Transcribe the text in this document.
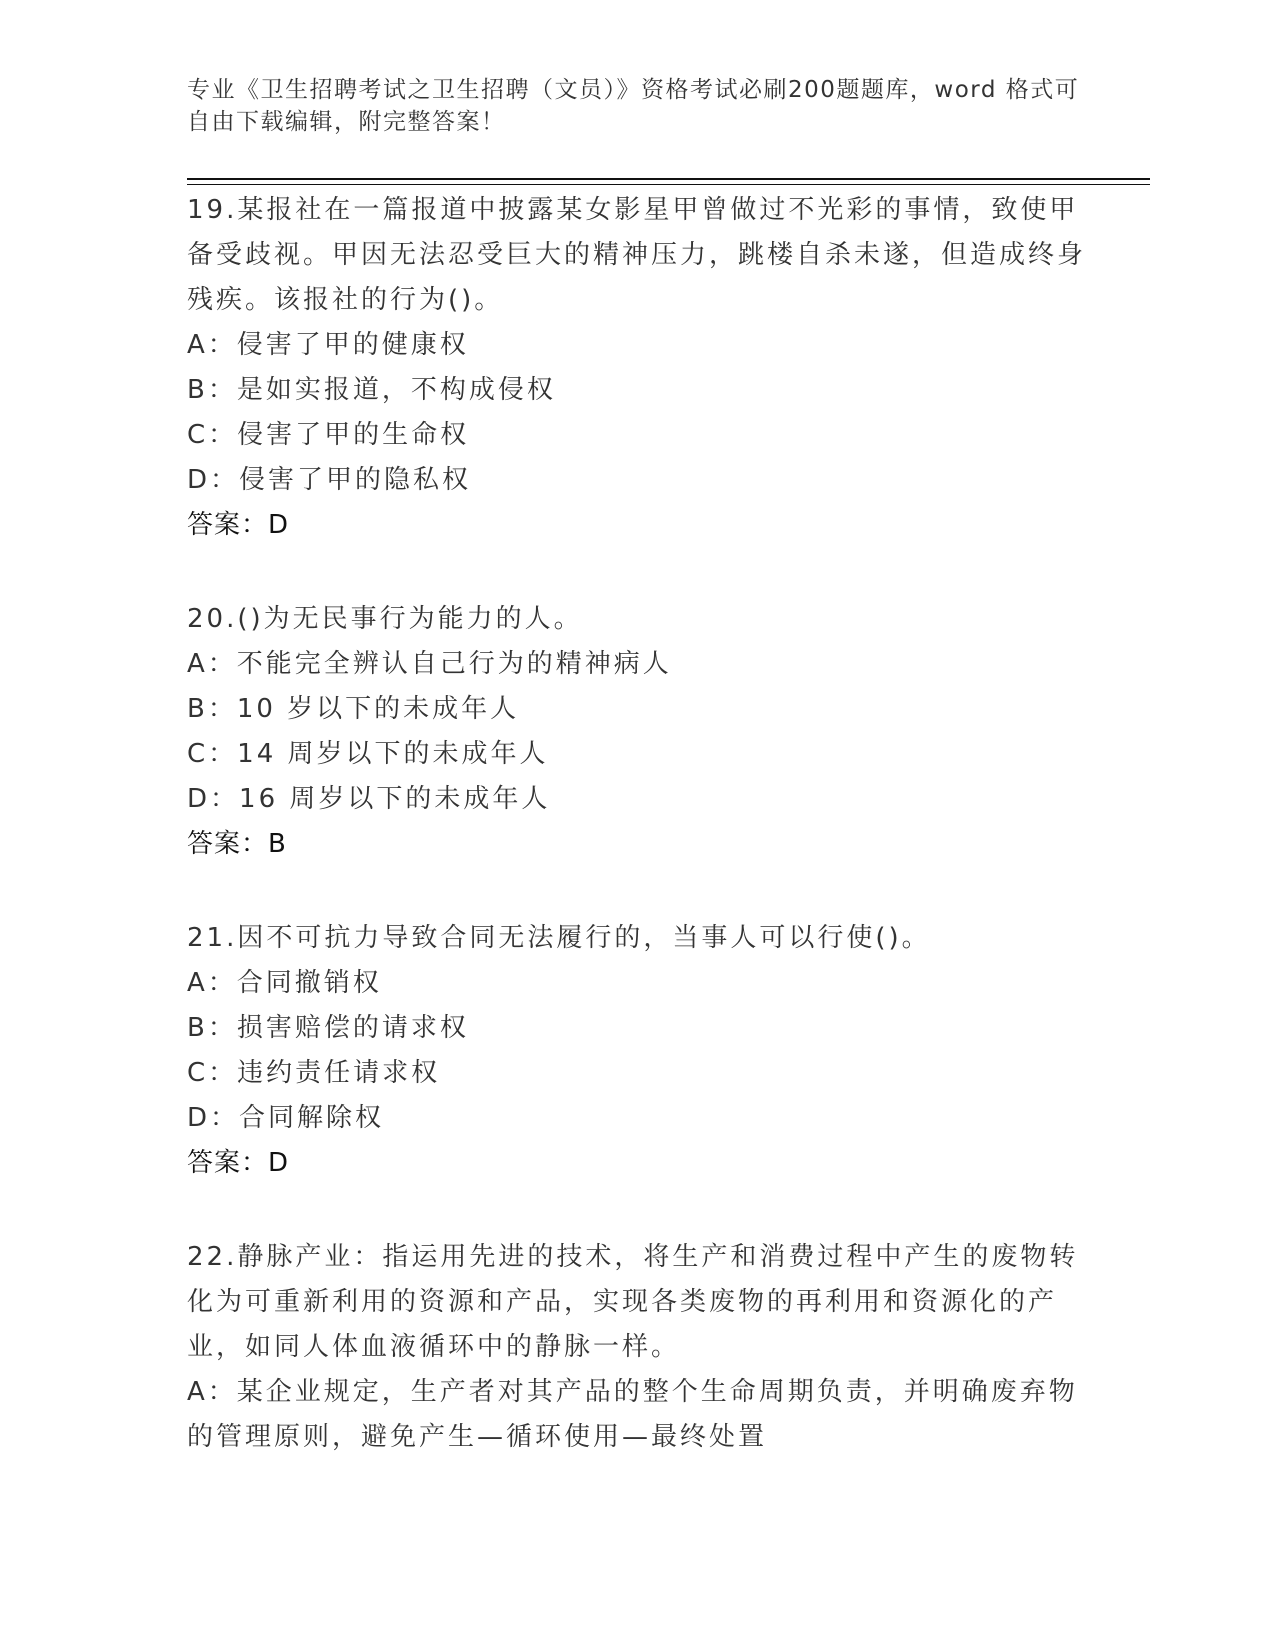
专业《卫生招聘考试之卫生招聘（文员）》资格考试必刷200题题库，word 格式可自由下载编辑，附完整答案！

19.某报社在一篇报道中披露某女影星甲曾做过不光彩的事情，致使甲备受歧视。甲因无法忍受巨大的精神压力，跳楼自杀未遂，但造成终身残疾。该报社的行为()。

A：侵害了甲的健康权

B：是如实报道，不构成侵权

C：侵害了甲的生命权

D：侵害了甲的隐私权

答案：D

20.()为无民事行为能力的人。

A：不能完全辨认自己行为的精神病人

B：10 岁以下的未成年人

C：14 周岁以下的未成年人

D：16 周岁以下的未成年人

答案：B

21.因不可抗力导致合同无法履行的，当事人可以行使()。

A：合同撤销权

B：损害赔偿的请求权

C：违约责任请求权

D：合同解除权

答案：D

22.静脉产业：指运用先进的技术，将生产和消费过程中产生的废物转化为可重新利用的资源和产品，实现各类废物的再利用和资源化的产业，如同人体血液循环中的静脉一样。

A：某企业规定，生产者对其产品的整个生命周期负责，并明确废弃物的管理原则，避免产生—循环使用—最终处置
